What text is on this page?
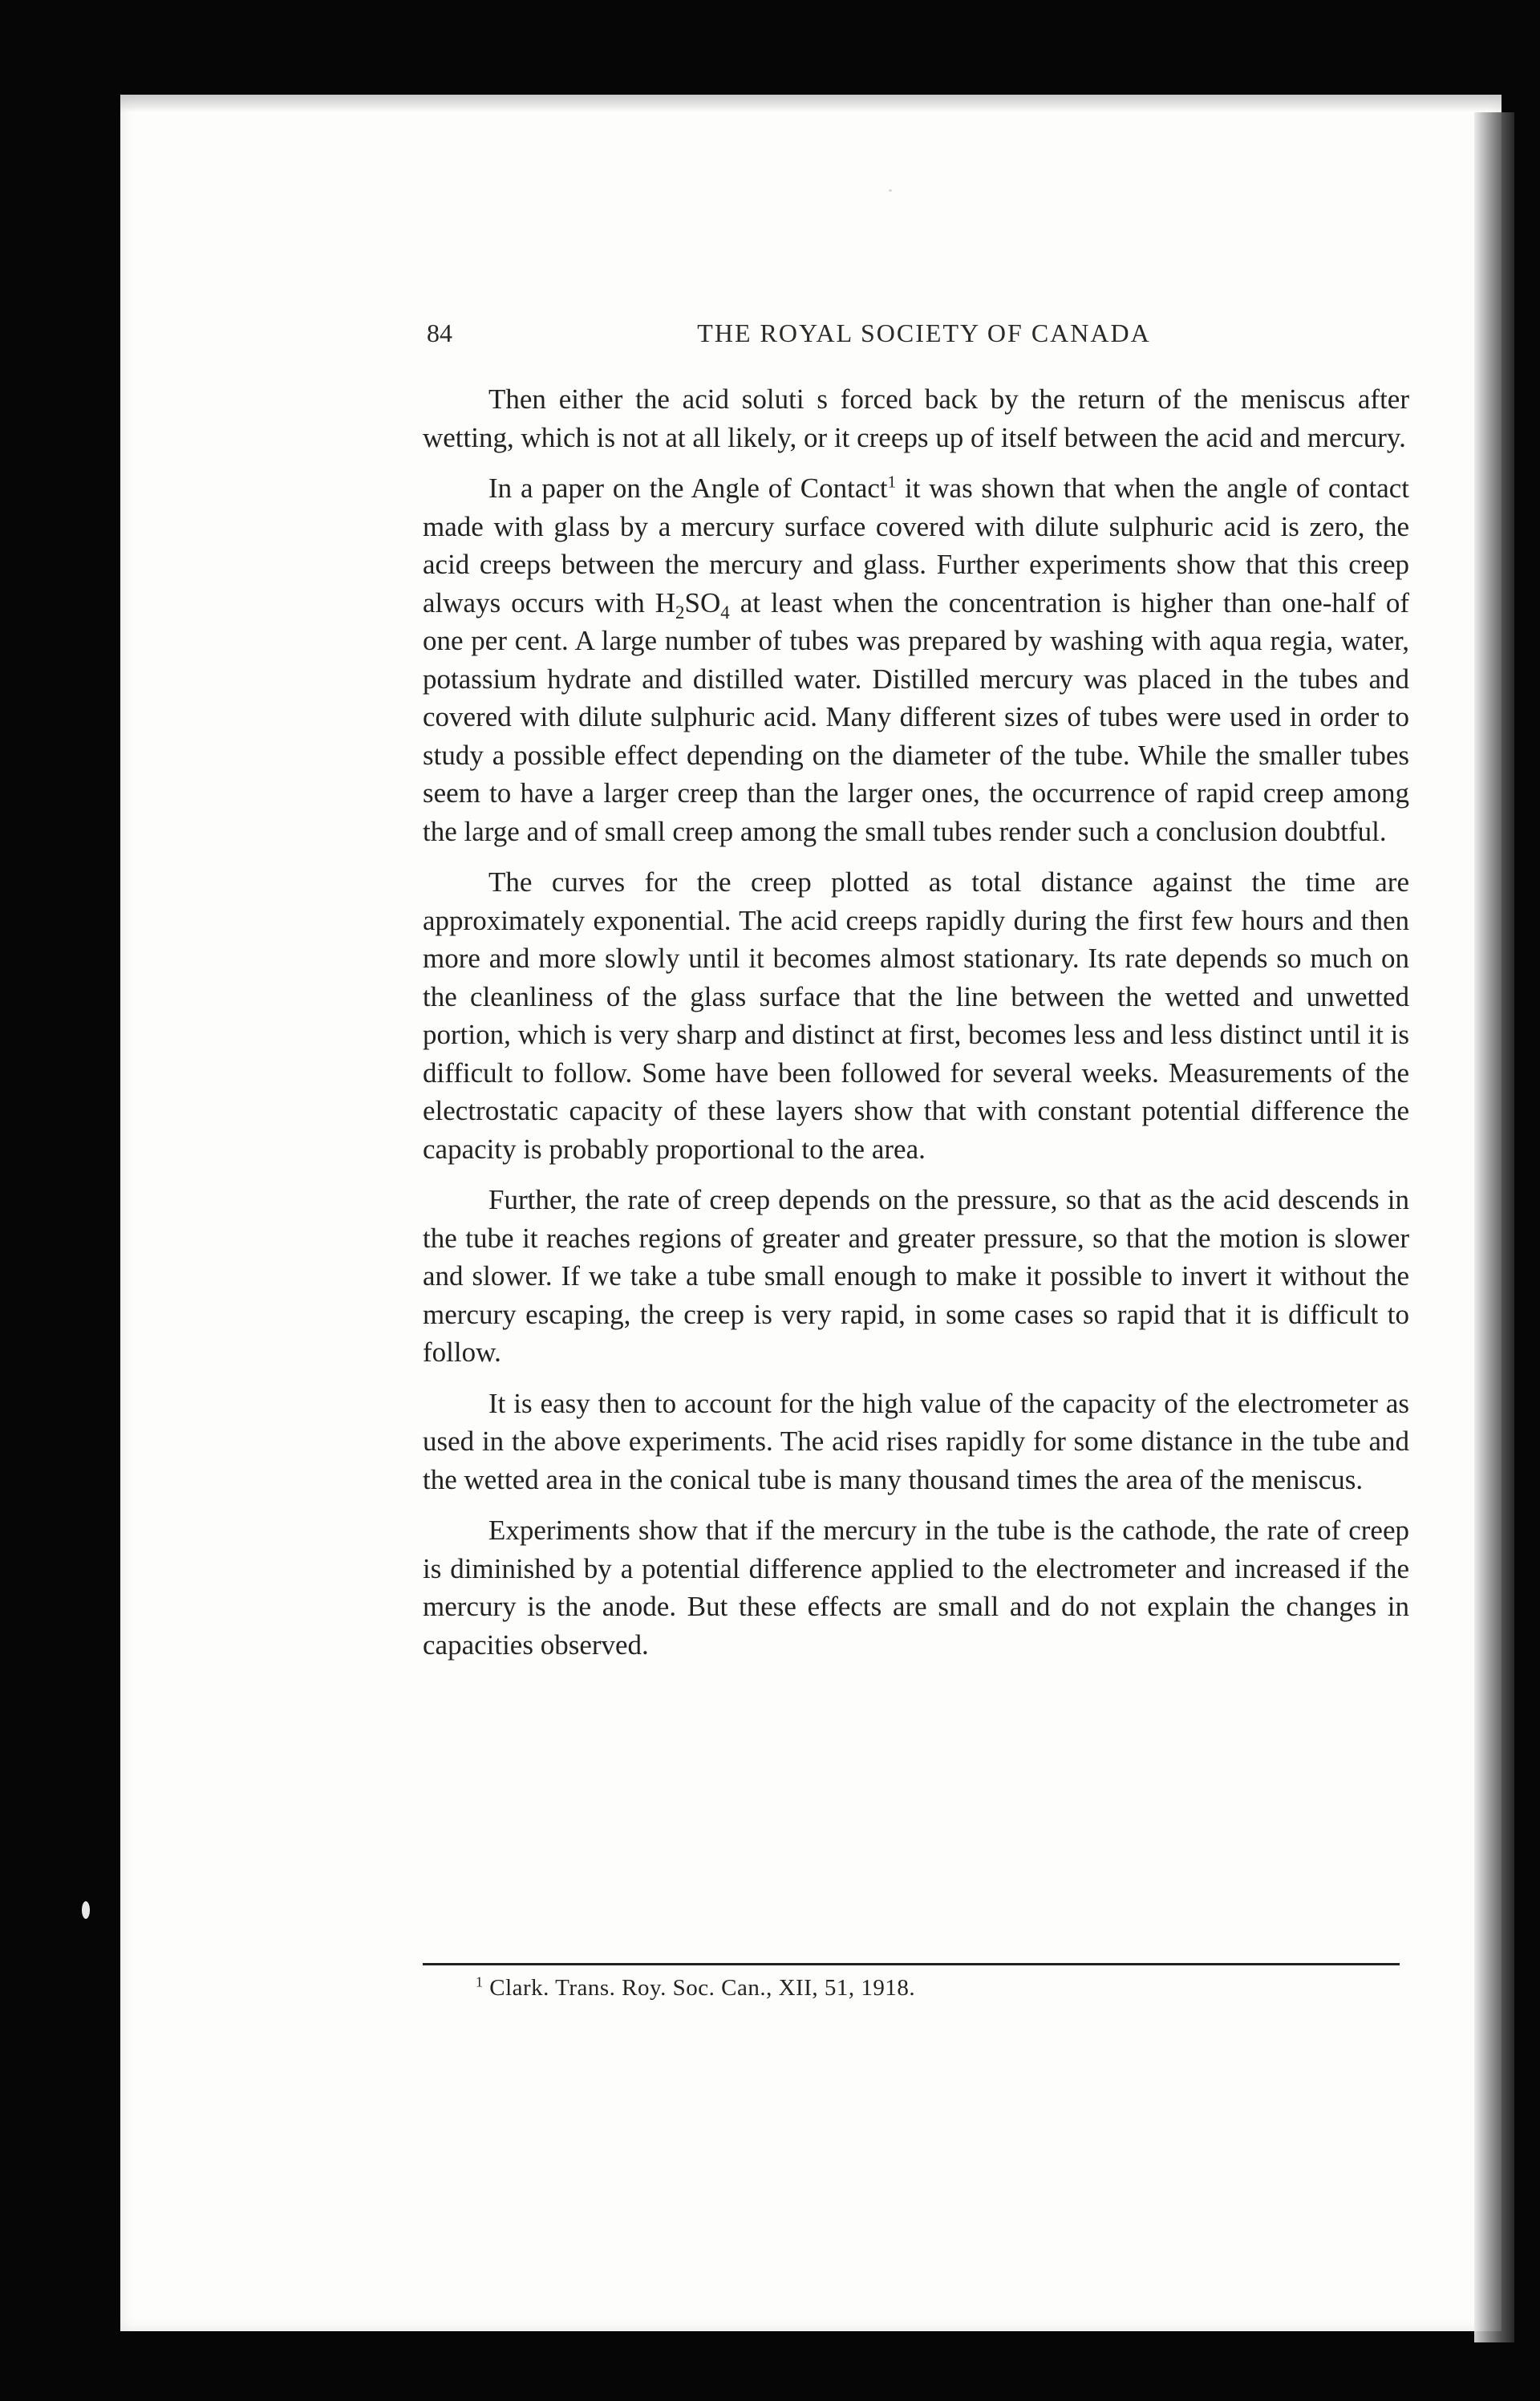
84	THE ROYAL SOCIETY OF CANADA

Then either the acid soluti s forced back by the return of the meniscus after wetting, which is not at all likely, or it creeps up of itself between the acid and mercury.

In a paper on the Angle of Contact$^1$ it was shown that when the angle of contact made with glass by a mercury surface covered with dilute sulphuric acid is zero, the acid creeps between the mercury and glass. Further experiments show that this creep always occurs with $H_2SO_4$ at least when the concentration is higher than one-half of one per cent. A large number of tubes was prepared by washing with aqua regia, water, potassium hydrate and distilled water. Distilled mercury was placed in the tubes and covered with dilute sulphuric acid. Many different sizes of tubes were used in order to study a possible effect depending on the diameter of the tube. While the smaller tubes seem to have a larger creep than the larger ones, the occurrence of rapid creep among the large and of small creep among the small tubes render such a conclusion doubtful.

The curves for the creep plotted as total distance against the time are approximately exponential. The acid creeps rapidly during the first few hours and then more and more slowly until it becomes almost stationary. Its rate depends so much on the cleanliness of the glass surface that the line between the wetted and unwetted portion, which is very sharp and distinct at first, becomes less and less distinct until it is difficult to follow. Some have been followed for several weeks. Measurements of the electrostatic capacity of these layers show that with constant potential difference the capacity is probably proportional to the area.

Further, the rate of creep depends on the pressure, so that as the acid descends in the tube it reaches regions of greater and greater pressure, so that the motion is slower and slower. If we take a tube small enough to make it possible to invert it without the mercury escaping, the creep is very rapid, in some cases so rapid that it is difficult to follow.

It is easy then to account for the high value of the capacity of the electrometer as used in the above experiments. The acid rises rapidly for some distance in the tube and the wetted area in the conical tube is many thousand times the area of the meniscus.

Experiments show that if the mercury in the tube is the cathode, the rate of creep is diminished by a potential difference applied to the electrometer and increased if the mercury is the anode. But these effects are small and do not explain the changes in capacities observed.

$^1$ Clark. Trans. Roy. Soc. Can., XII, 51, 1918.
